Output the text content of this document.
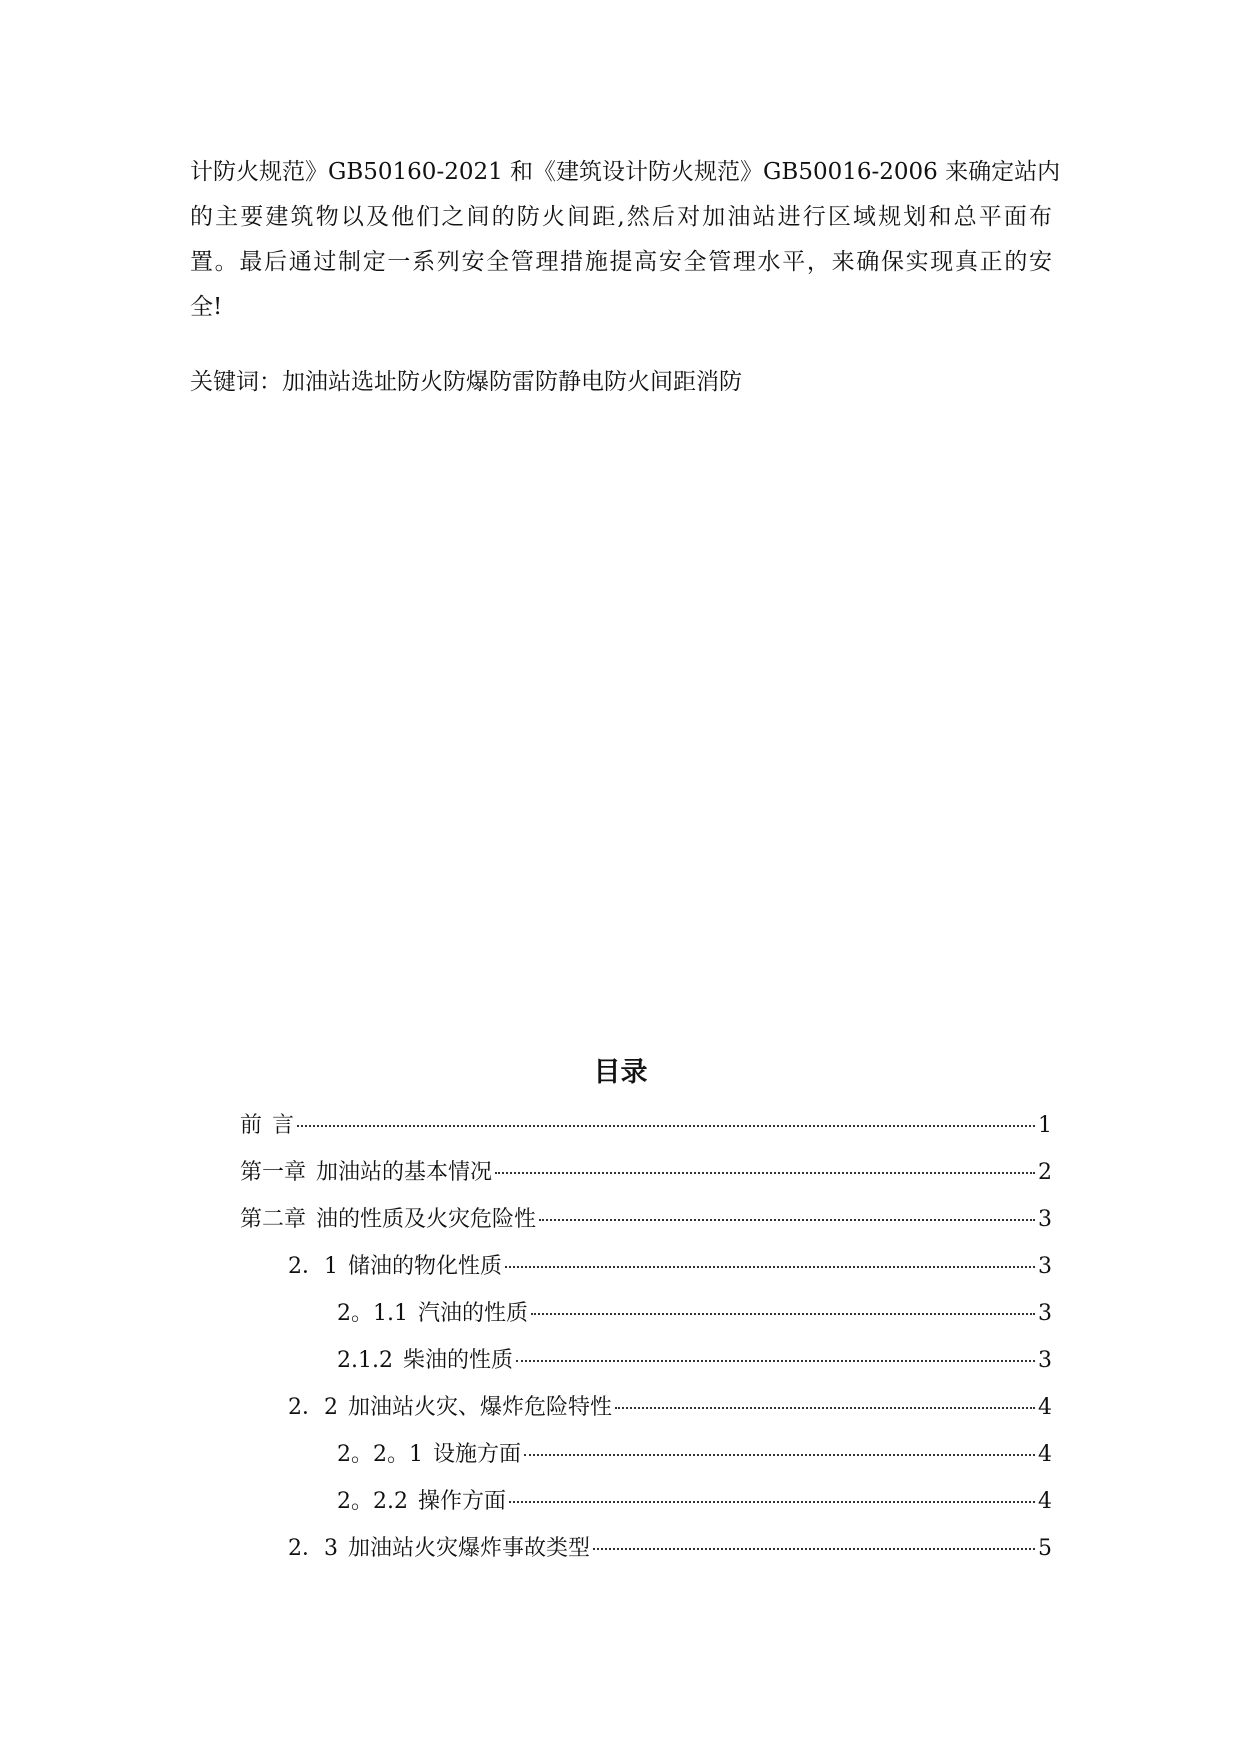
计防火规范》GB50160-2021 和《建筑设计防火规范》GB50016-2006 来确定站内
的主要建筑物以及他们之间的防火间距,然后对加油站进行区域规划和总平面布
置。最后通过制定一系列安全管理措施提高安全管理水平，来确保实现真正的安
全!
关键词：加油站选址防火防爆防雷防静电防火间距消防
目录
前 言	1
第一章 加油站的基本情况	2
第二章 油的性质及火灾危险性	3
2．1 储油的物化性质	3
2。1.1 汽油的性质	3
2.1.2 柴油的性质	3
2．2 加油站火灾、爆炸危险特性	4
2。2。1 设施方面	4
2。2.2 操作方面	4
2．3 加油站火灾爆炸事故类型	5
